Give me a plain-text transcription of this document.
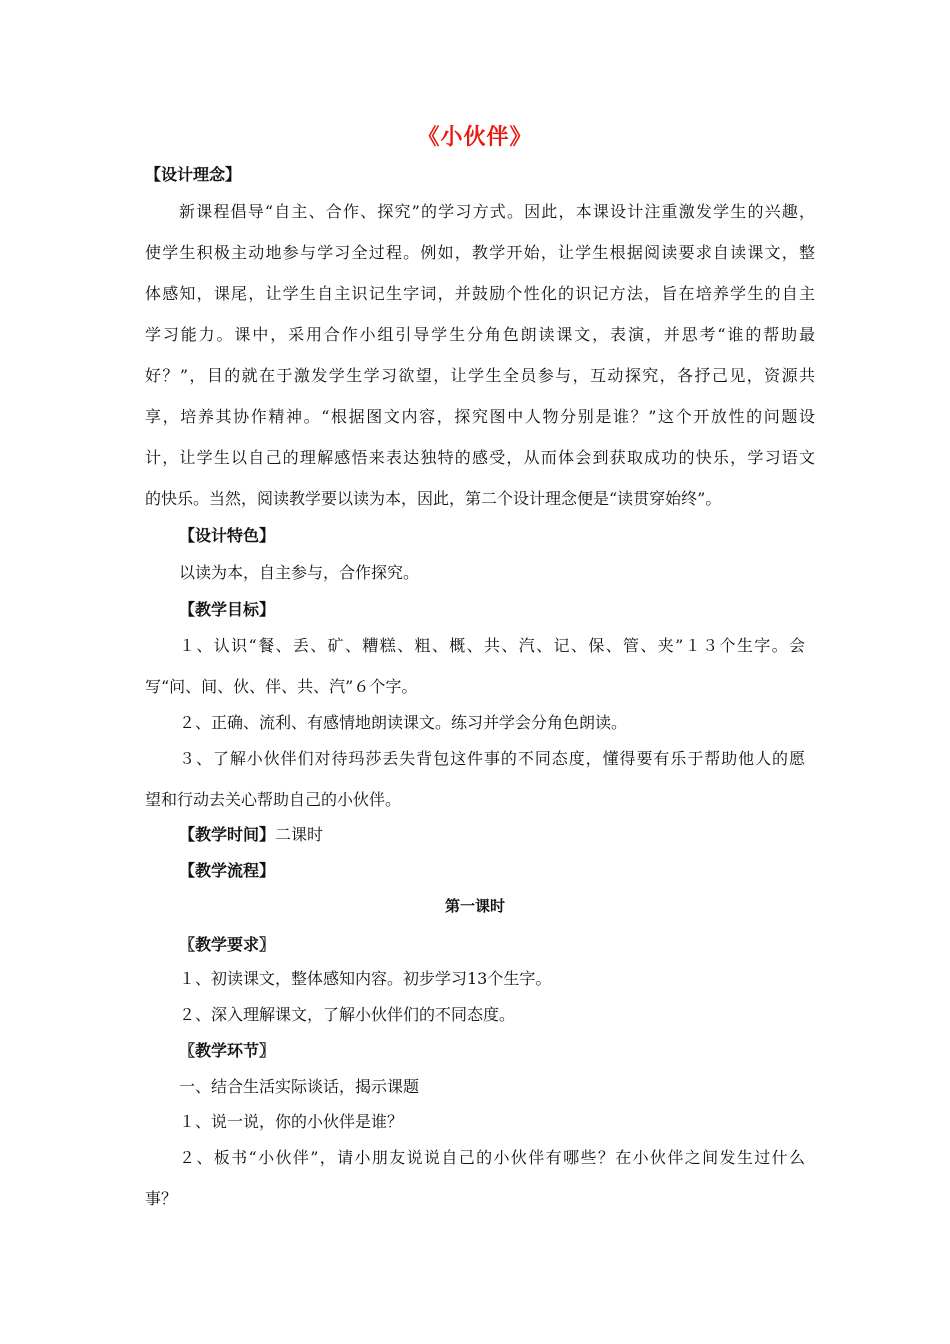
《小伙伴》
【设计理念】
新课程倡导“自主、合作、探究”的学习方式。因此，本课设计注重激发学生的兴趣，
使学生积极主动地参与学习全过程。例如，教学开始，让学生根据阅读要求自读课文，整
体感知，课尾，让学生自主识记生字词，并鼓励个性化的识记方法，旨在培养学生的自主
学习能力。课中，采用合作小组引导学生分角色朗读课文，表演，并思考“谁的帮助最
好？”，目的就在于激发学生学习欲望，让学生全员参与，互动探究，各抒己见，资源共
享，培养其协作精神。“根据图文内容，探究图中人物分别是谁？”这个开放性的问题设
计，让学生以自己的理解感悟来表达独特的感受，从而体会到获取成功的快乐，学习语文
的快乐。当然，阅读教学要以读为本，因此，第二个设计理念便是“读贯穿始终”。
【设计特色】
以读为本，自主参与，合作探究。
【教学目标】
１、认识“餐、丢、矿、糟糕、粗、概、共、汽、记、保、管、夹”１３个生字。会
写“问、间、伙、伴、共、汽”６个字。
２、正确、流利、有感情地朗读课文。练习并学会分角色朗读。
３、了解小伙伴们对待玛莎丢失背包这件事的不同态度，懂得要有乐于帮助他人的愿
望和行动去关心帮助自己的小伙伴。
【教学时间】二课时
【教学流程】
第一课时
〖教学要求〗
１、初读课文，整体感知内容。初步学习13个生字。
２、深入理解课文，了解小伙伴们的不同态度。
〖教学环节〗
一、结合生活实际谈话，揭示课题
１、说一说，你的小伙伴是谁？
２、板书“小伙伴”，请小朋友说说自己的小伙伴有哪些？在小伙伴之间发生过什么
事？
